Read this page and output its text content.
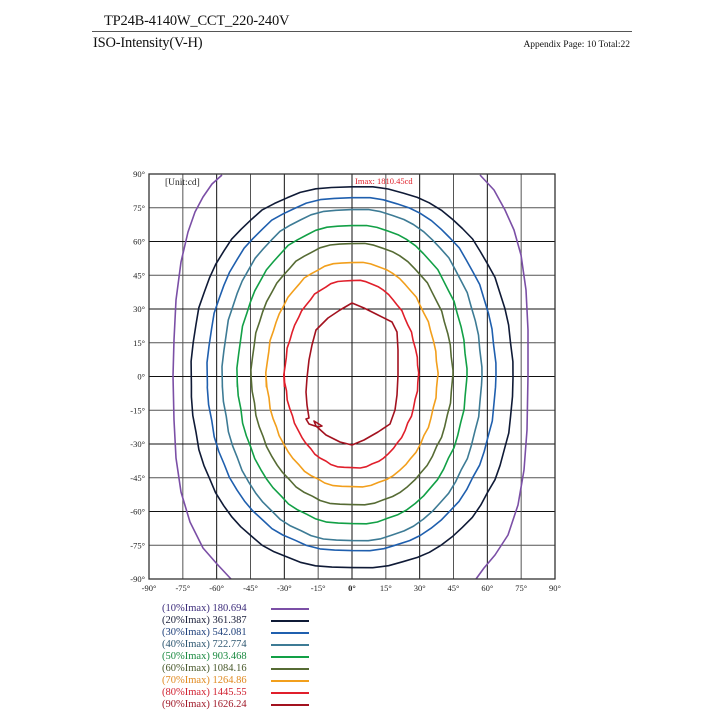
TP24B-4140W_CCT_220-240V
ISO-Intensity(V-H)	Appendix Page: 10 Total:22
90°
75°
60°
45°
30°
15°
0°
-15°
-30°
-45°
-60°
-75°
-90°
-90° -75° -60° -45° -30° -15°	0°	15°	30°	45°	60°	75°	90°
[Unit:cd]	Imax: 1810.45cd
(10%Imax) 180.694
(20%Imax) 361.387
(30%Imax) 542.081
(40%Imax) 722.774
(50%Imax) 903.468
(60%Imax) 1084.16
(70%Imax) 1264.86
(80%Imax) 1445.55
(90%Imax) 1626.24
